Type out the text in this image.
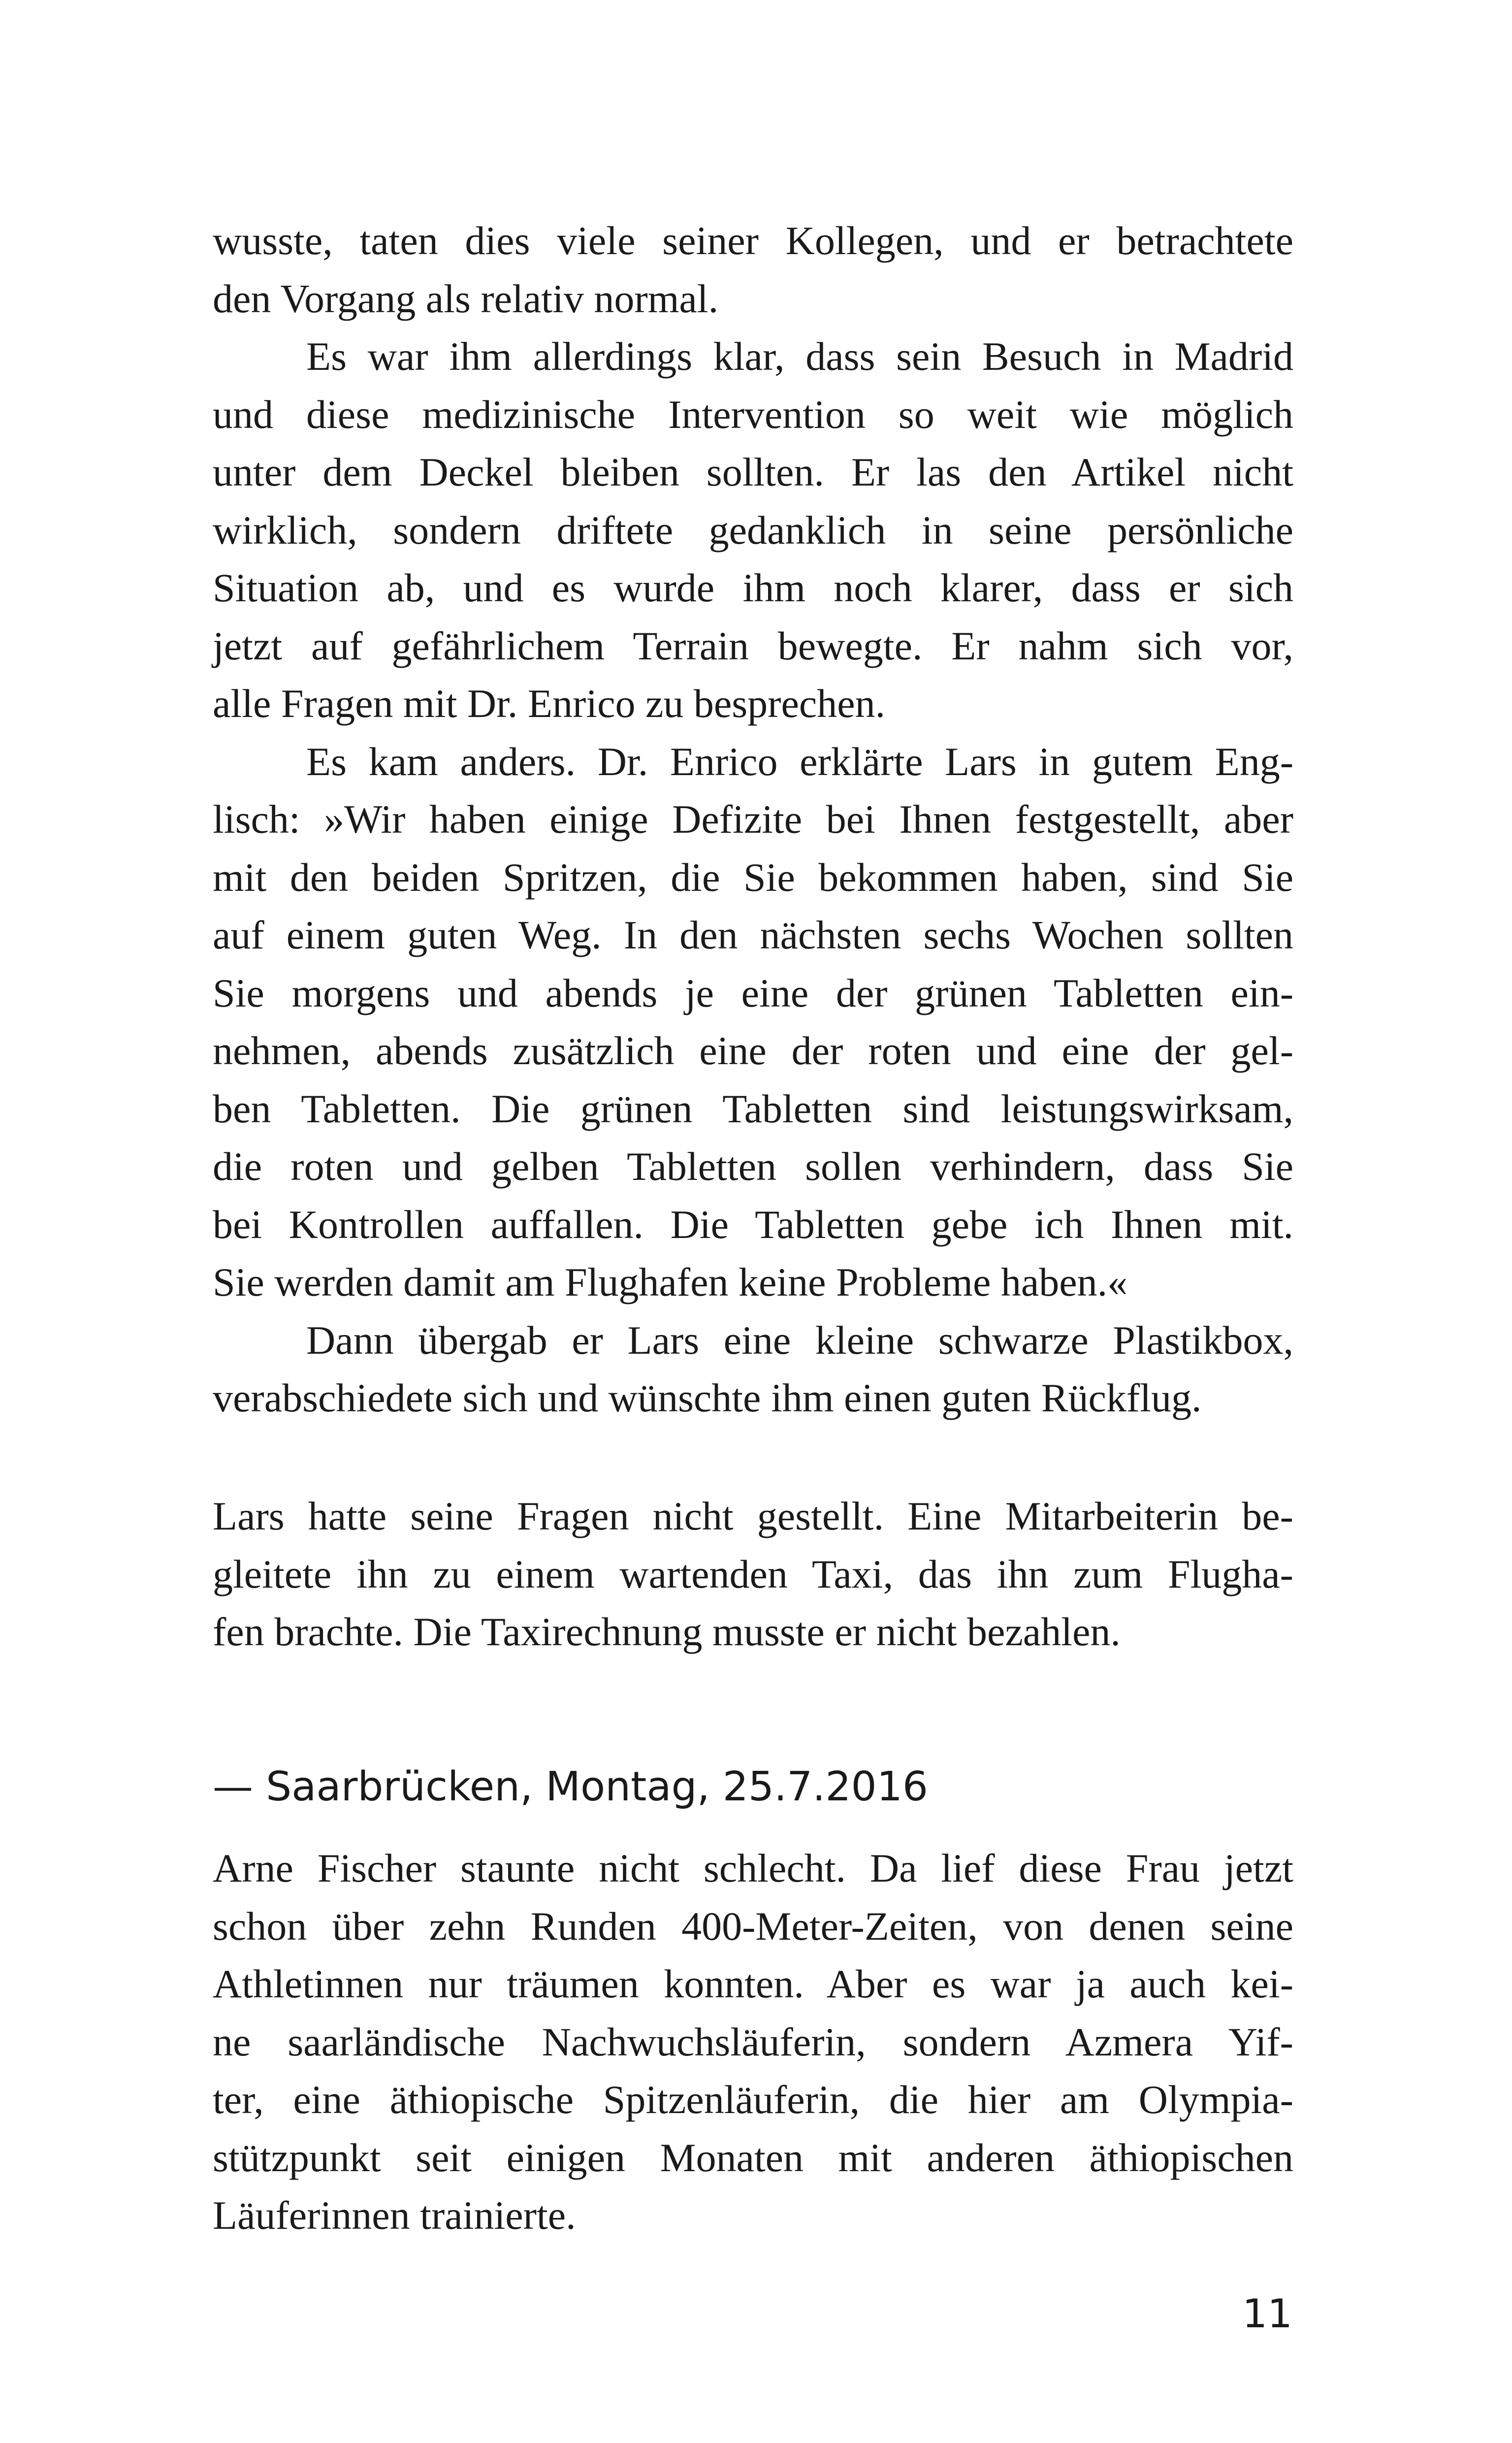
wusste, taten dies viele seiner Kollegen, und er betrachtete
den Vorgang als relativ normal.
Es war ihm allerdings klar, dass sein Besuch in Madrid
und diese medizinische Intervention so weit wie möglich
unter dem Deckel bleiben sollten. Er las den Artikel nicht
wirklich, sondern driftete gedanklich in seine persönliche
Situation ab, und es wurde ihm noch klarer, dass er sich
jetzt auf gefährlichem Terrain bewegte. Er nahm sich vor,
alle Fragen mit Dr. Enrico zu besprechen.
Es kam anders. Dr. Enrico erklärte Lars in gutem Eng-
lisch: »Wir haben einige Defizite bei Ihnen festgestellt, aber
mit den beiden Spritzen, die Sie bekommen haben, sind Sie
auf einem guten Weg. In den nächsten sechs Wochen sollten
Sie morgens und abends je eine der grünen Tabletten ein-
nehmen, abends zusätzlich eine der roten und eine der gel-
ben Tabletten. Die grünen Tabletten sind leistungswirksam,
die roten und gelben Tabletten sollen verhindern, dass Sie
bei Kontrollen auffallen. Die Tabletten gebe ich Ihnen mit.
Sie werden damit am Flughafen keine Probleme haben.«
Dann übergab er Lars eine kleine schwarze Plastikbox,
verabschiedete sich und wünschte ihm einen guten Rückflug.
Lars hatte seine Fragen nicht gestellt. Eine Mitarbeiterin be-
gleitete ihn zu einem wartenden Taxi, das ihn zum Flugha-
fen brachte. Die Taxirechnung musste er nicht bezahlen.
— Saarbrücken, Montag, 25.7.2016
Arne Fischer staunte nicht schlecht. Da lief diese Frau jetzt
schon über zehn Runden 400-Meter-Zeiten, von denen seine
Athletinnen nur träumen konnten. Aber es war ja auch kei-
ne saarländische Nachwuchsläuferin, sondern Azmera Yif-
ter, eine äthiopische Spitzenläuferin, die hier am Olympia-
stützpunkt seit einigen Monaten mit anderen äthiopischen
Läuferinnen trainierte.
11
